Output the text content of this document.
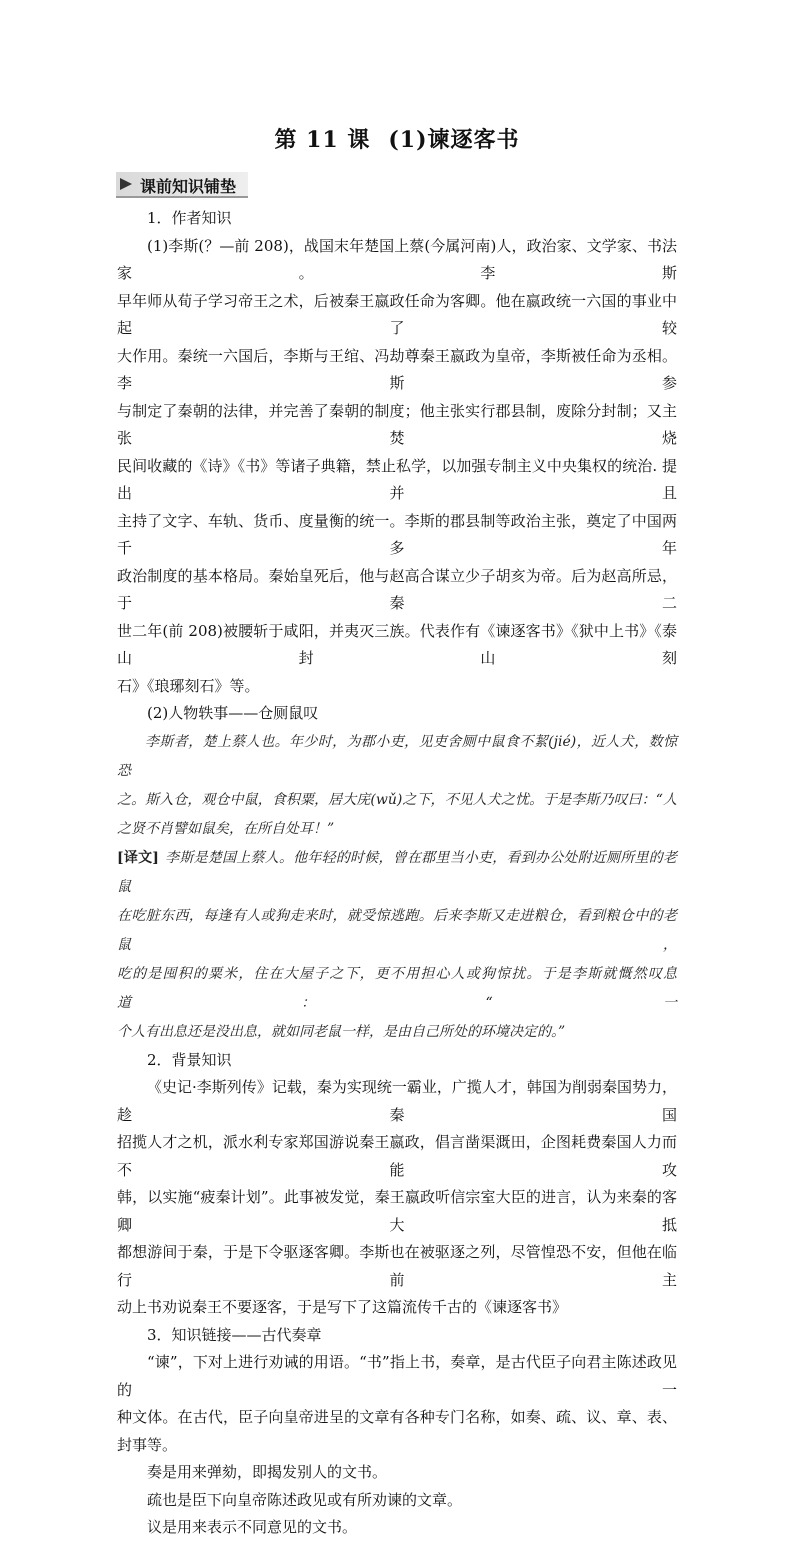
第 11 课 (1)谏逐客书
课前知识铺垫

1．作者知识

(1)李斯(？—前 208)，战国末年楚国上蔡(今属河南)人，政治家、文学家、书法家。李斯

早年师从荀子学习帝王之术，后被秦王嬴政任命为客卿。他在嬴政统一六国的事业中起了较

大作用。秦统一六国后，李斯与王绾、冯劫尊秦王嬴政为皇帝，李斯被任命为丞相。李斯参

与制定了秦朝的法律，并完善了秦朝的制度；他主张实行郡县制，废除分封制；又主张焚烧

民间收藏的《诗》《书》等诸子典籍，禁止私学，以加强专制主义中央集权的统治. 提出并且

主持了文字、车轨、货币、度量衡的统一。李斯的郡县制等政治主张，奠定了中国两千多年

政治制度的基本格局。秦始皇死后，他与赵高合谋立少子胡亥为帝。后为赵高所忌，于秦二

世二年(前 208)被腰斩于咸阳，并夷灭三族。代表作有《谏逐客书》《狱中上书》《泰山封山刻

石》《琅琊刻石》等。

(2)人物轶事——仓厕鼠叹

李斯者，楚上蔡人也。年少时，为郡小吏，见吏舍厕中鼠食不絜(jié)，近人犬，数惊恐

之。斯入仓，观仓中鼠，食积粟，居大庑(wǔ)之下，不见人犬之忧。于是李斯乃叹曰：“人

之贤不肖譬如鼠矣，在所自处耳！”

[译文] 李斯是楚国上蔡人。他年轻的时候，曾在郡里当小吏，看到办公处附近厕所里的老鼠

在吃脏东西，每逢有人或狗走来时，就受惊逃跑。后来李斯又走进粮仓，看到粮仓中的老鼠，

吃的是囤积的粟米，住在大屋子之下，更不用担心人或狗惊扰。于是李斯就慨然叹息道：“一

个人有出息还是没出息，就如同老鼠一样，是由自己所处的环境决定的。”

2．背景知识

《史记·李斯列传》记载，秦为实现统一霸业，广揽人才，韩国为削弱秦国势力，趁秦国

招揽人才之机，派水利专家郑国游说秦王嬴政，倡言凿渠溉田，企图耗费秦国人力而不能攻

韩，以实施“疲秦计划”。此事被发觉，秦王嬴政听信宗室大臣的进言，认为来秦的客卿大抵

都想游间于秦，于是下令驱逐客卿。李斯也在被驱逐之列，尽管惶恐不安，但他在临行前主

动上书劝说秦王不要逐客，于是写下了这篇流传千古的《谏逐客书》

3．知识链接——古代奏章

“谏”，下对上进行劝诫的用语。“书”指上书，奏章，是古代臣子向君主陈述政见的一

种文体。在古代，臣子向皇帝进呈的文章有各种专门名称，如奏、疏、议、章、表、封事等。

奏是用来弹劾，即揭发别人的文书。

疏也是臣下向皇帝陈述政见或有所劝谏的文章。

议是用来表示不同意见的文书。
